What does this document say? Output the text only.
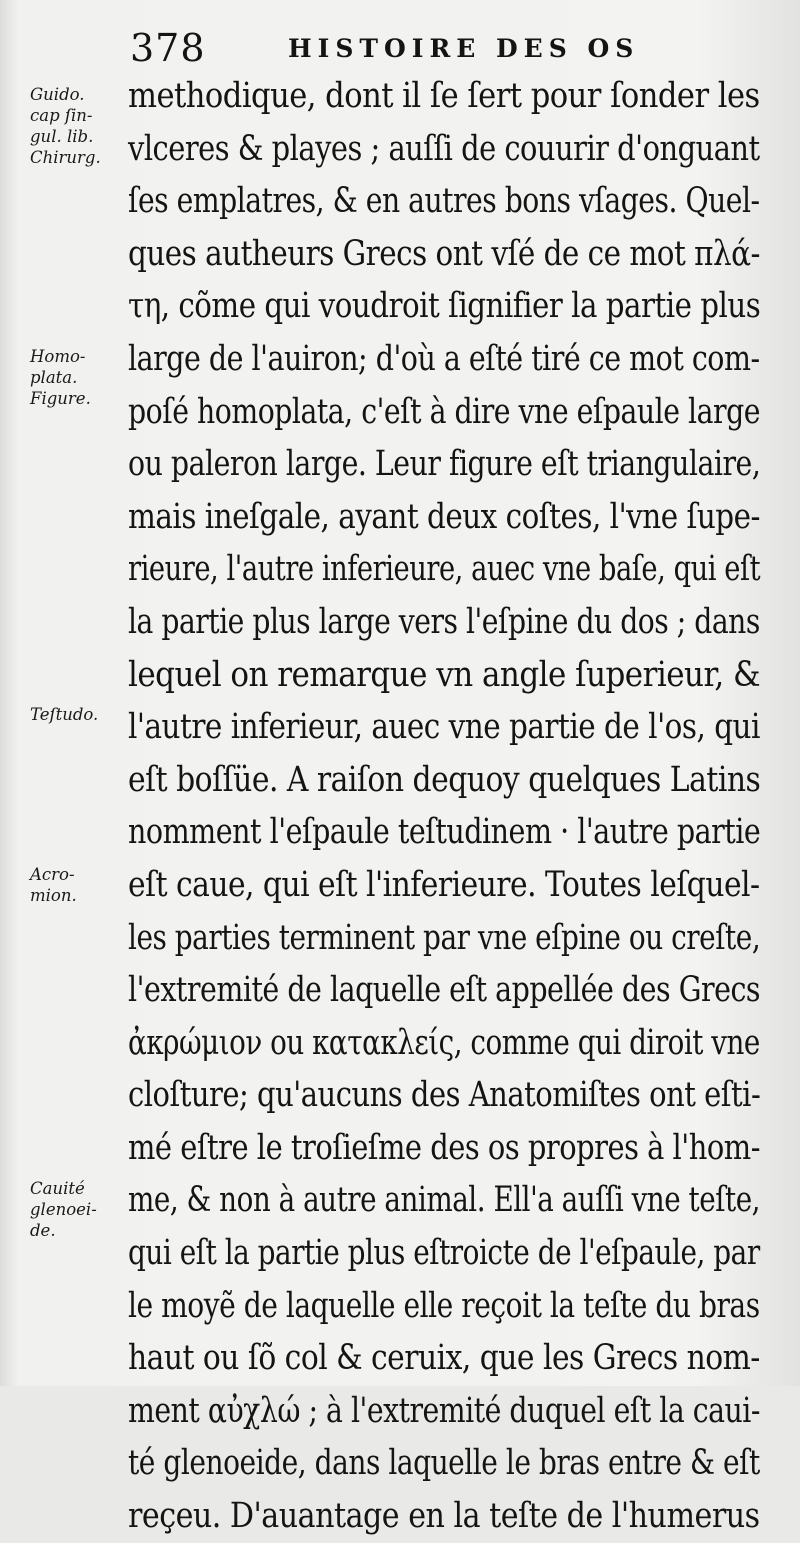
378	HISTOIRE DES OS
Guido.
cap ſin-
gul. lib.
Chirurg.
Homo-
plata.
Figure.
Teſtudo.
Acro-
mion.
Cauité
glenoei-
de.
methodique, dont il ſe ſert pour ſonder les
vlceres & playes ; auſſi de couurir d'onguant
ſes emplatres, & en autres bons vſages. Quel-
ques autheurs Grecs ont vſé de ce mot πλά-
τη, cõme qui voudroit ſignifier la partie plus
large de l'auiron; d'où a eſté tiré ce mot com-
poſé homoplata, c'eſt à dire vne eſpaule large
ou paleron large. Leur figure eſt triangulaire,
mais ineſgale, ayant deux coſtes, l'vne ſupe-
rieure, l'autre inferieure, auec vne baſe, qui eſt
la partie plus large vers l'eſpine du dos ; dans
lequel on remarque vn angle ſuperieur, &
l'autre inferieur, auec vne partie de l'os, qui
eſt boſſüe. A raiſon dequoy quelques Latins
nomment l'eſpaule teſtudinem · l'autre partie
eſt caue, qui eſt l'inferieure. Toutes leſquel-
les parties terminent par vne eſpine ou creſte,
l'extremité de laquelle eſt appellée des Grecs
ἀκρώμιον ou κατακλείς, comme qui diroit vne
cloſture; qu'aucuns des Anatomiſtes ont eſti-
mé eſtre le troſieſme des os propres à l'hom-
me, & non à autre animal. Ell'a auſſi vne teſte,
qui eſt la partie plus eſtroicte de l'eſpaule, par
le moyẽ de laquelle elle reçoit la teſte du bras
haut ou ſõ col & ceruix, que les Grecs nom-
ment αὐχλώ ; à l'extremité duquel eſt la caui-
té glenoeide, dans laquelle le bras entre & eſt
reçeu. D'auantage en la teſte de l'humerus
